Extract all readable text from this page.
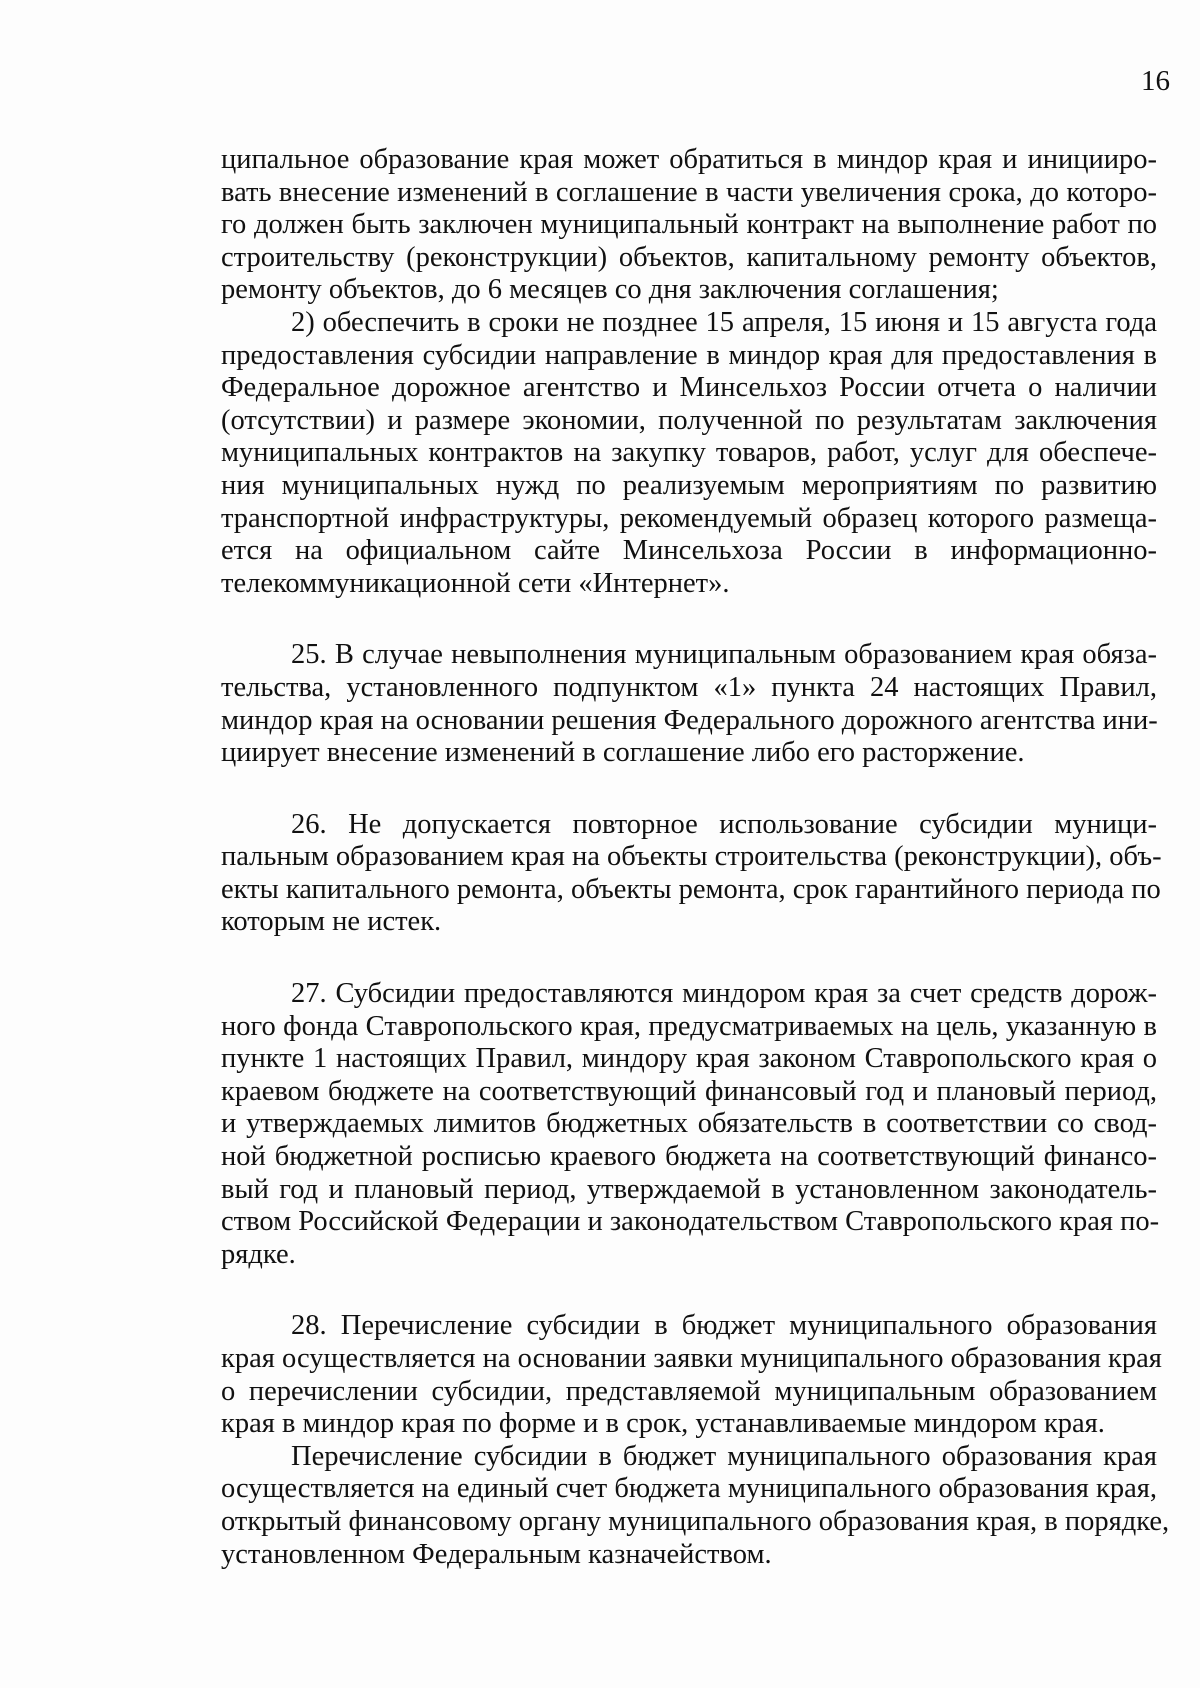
16
ципальное образование края может обратиться в миндор края и иницииро-
вать внесение изменений в соглашение в части увеличения срока, до которо-
го должен быть заключен муниципальный контракт на выполнение работ по
строительству (реконструкции) объектов, капитальному ремонту объектов,
ремонту объектов, до 6 месяцев со дня заключения соглашения;
2) обеспечить в сроки не позднее 15 апреля, 15 июня и 15 августа года
предоставления субсидии направление в миндор края для предоставления в
Федеральное дорожное агентство и Минсельхоз России отчета о наличии
(отсутствии) и размере экономии, полученной по результатам заключения
муниципальных контрактов на закупку товаров, работ, услуг для обеспече-
ния муниципальных нужд по реализуемым мероприятиям по развитию
транспортной инфраструктуры, рекомендуемый образец которого размеща-
ется на официальном сайте Минсельхоза России в информационно-
телекоммуникационной сети «Интернет».
25. В случае невыполнения муниципальным образованием края обяза-
тельства, установленного подпунктом «1» пункта 24 настоящих Правил,
миндор края на основании решения Федерального дорожного агентства ини-
циирует внесение изменений в соглашение либо его расторжение.
26. Не допускается повторное использование субсидии муници-
пальным образованием края на объекты строительства (реконструкции), объ-
екты капитального ремонта, объекты ремонта, срок гарантийного периода по
которым не истек.
27. Субсидии предоставляются миндором края за счет средств дорож-
ного фонда Ставропольского края, предусматриваемых на цель, указанную в
пункте 1 настоящих Правил, миндору края законом Ставропольского края о
краевом бюджете на соответствующий финансовый год и плановый период,
и утверждаемых лимитов бюджетных обязательств в соответствии со свод-
ной бюджетной росписью краевого бюджета на соответствующий финансо-
вый год и плановый период, утверждаемой в установленном законодатель-
ством Российской Федерации и законодательством Ставропольского края по-
рядке.
28. Перечисление субсидии в бюджет муниципального образования
края осуществляется на основании заявки муниципального образования края
о перечислении субсидии, представляемой муниципальным образованием
края в миндор края по форме и в срок, устанавливаемые миндором края.
Перечисление субсидии в бюджет муниципального образования края
осуществляется на единый счет бюджета муниципального образования края,
открытый финансовому органу муниципального образования края, в порядке,
установленном Федеральным казначейством.
